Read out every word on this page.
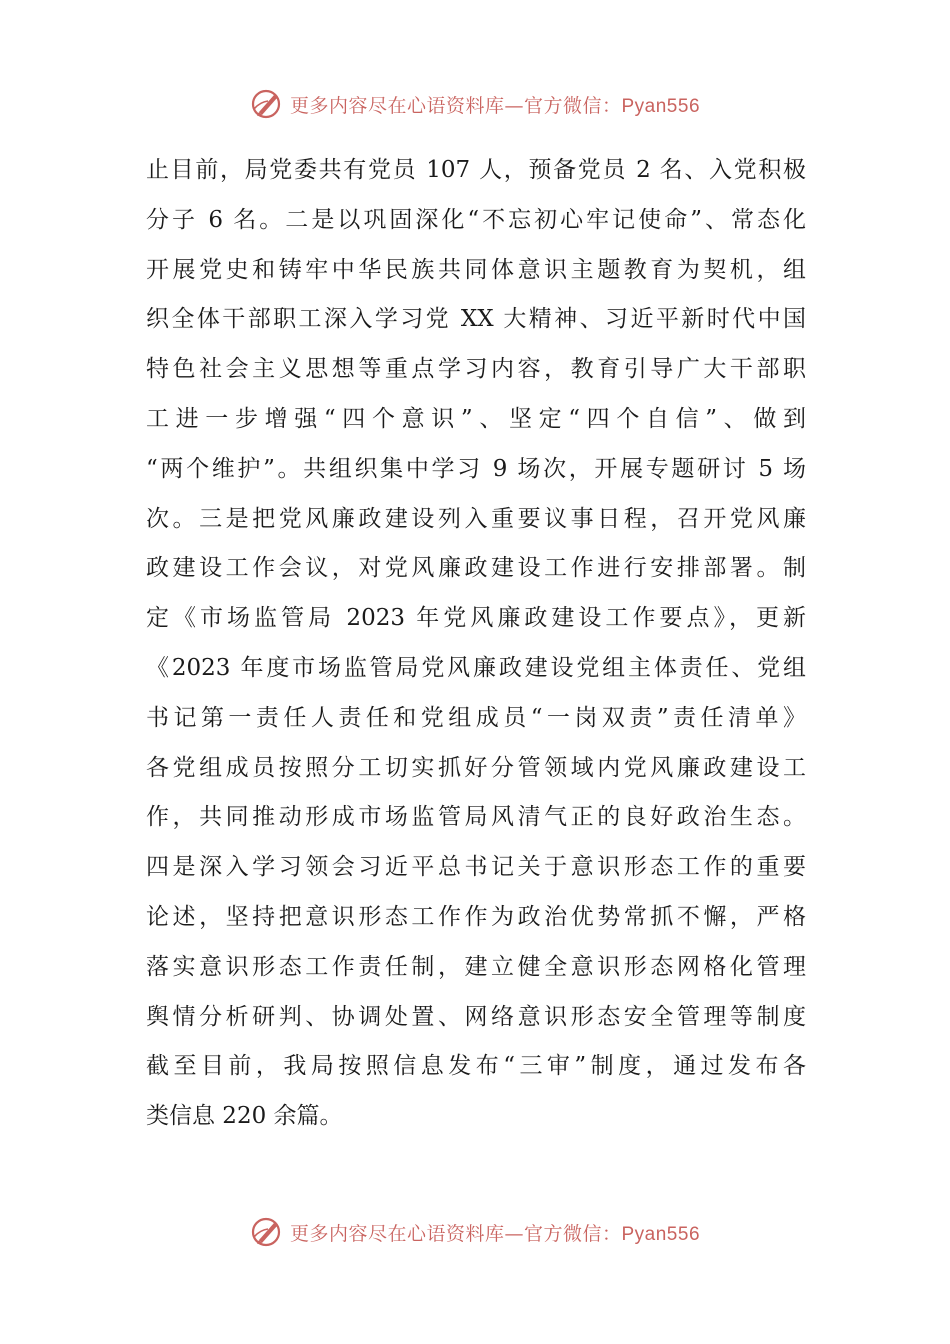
更多内容尽在心语资料库—官方微信：Pyan556
止目前，局党委共有党员 107 人，预备党员 2 名、入党积极
分子 6 名。二是以巩固深化“不忘初心牢记使命”、常态化
开展党史和铸牢中华民族共同体意识主题教育为契机，组
织全体干部职工深入学习党 XX 大精神、习近平新时代中国
特色社会主义思想等重点学习内容，教育引导广大干部职
工进一步增强“四个意识”、坚定“四个自信”、做到
“两个维护”。共组织集中学习 9 场次，开展专题研讨 5 场
次。三是把党风廉政建设列入重要议事日程，召开党风廉
政建设工作会议，对党风廉政建设工作进行安排部署。制
定《市场监管局 2023 年党风廉政建设工作要点》，更新
《2023 年度市场监管局党风廉政建设党组主体责任、党组
书记第一责任人责任和党组成员“一岗双责”责任清单》
各党组成员按照分工切实抓好分管领域内党风廉政建设工
作，共同推动形成市场监管局风清气正的良好政治生态。
四是深入学习领会习近平总书记关于意识形态工作的重要
论述，坚持把意识形态工作作为政治优势常抓不懈，严格
落实意识形态工作责任制，建立健全意识形态网格化管理
舆情分析研判、协调处置、网络意识形态安全管理等制度
截至目前，我局按照信息发布“三审”制度，通过发布各
类信息 220 余篇。
更多内容尽在心语资料库—官方微信：Pyan556
